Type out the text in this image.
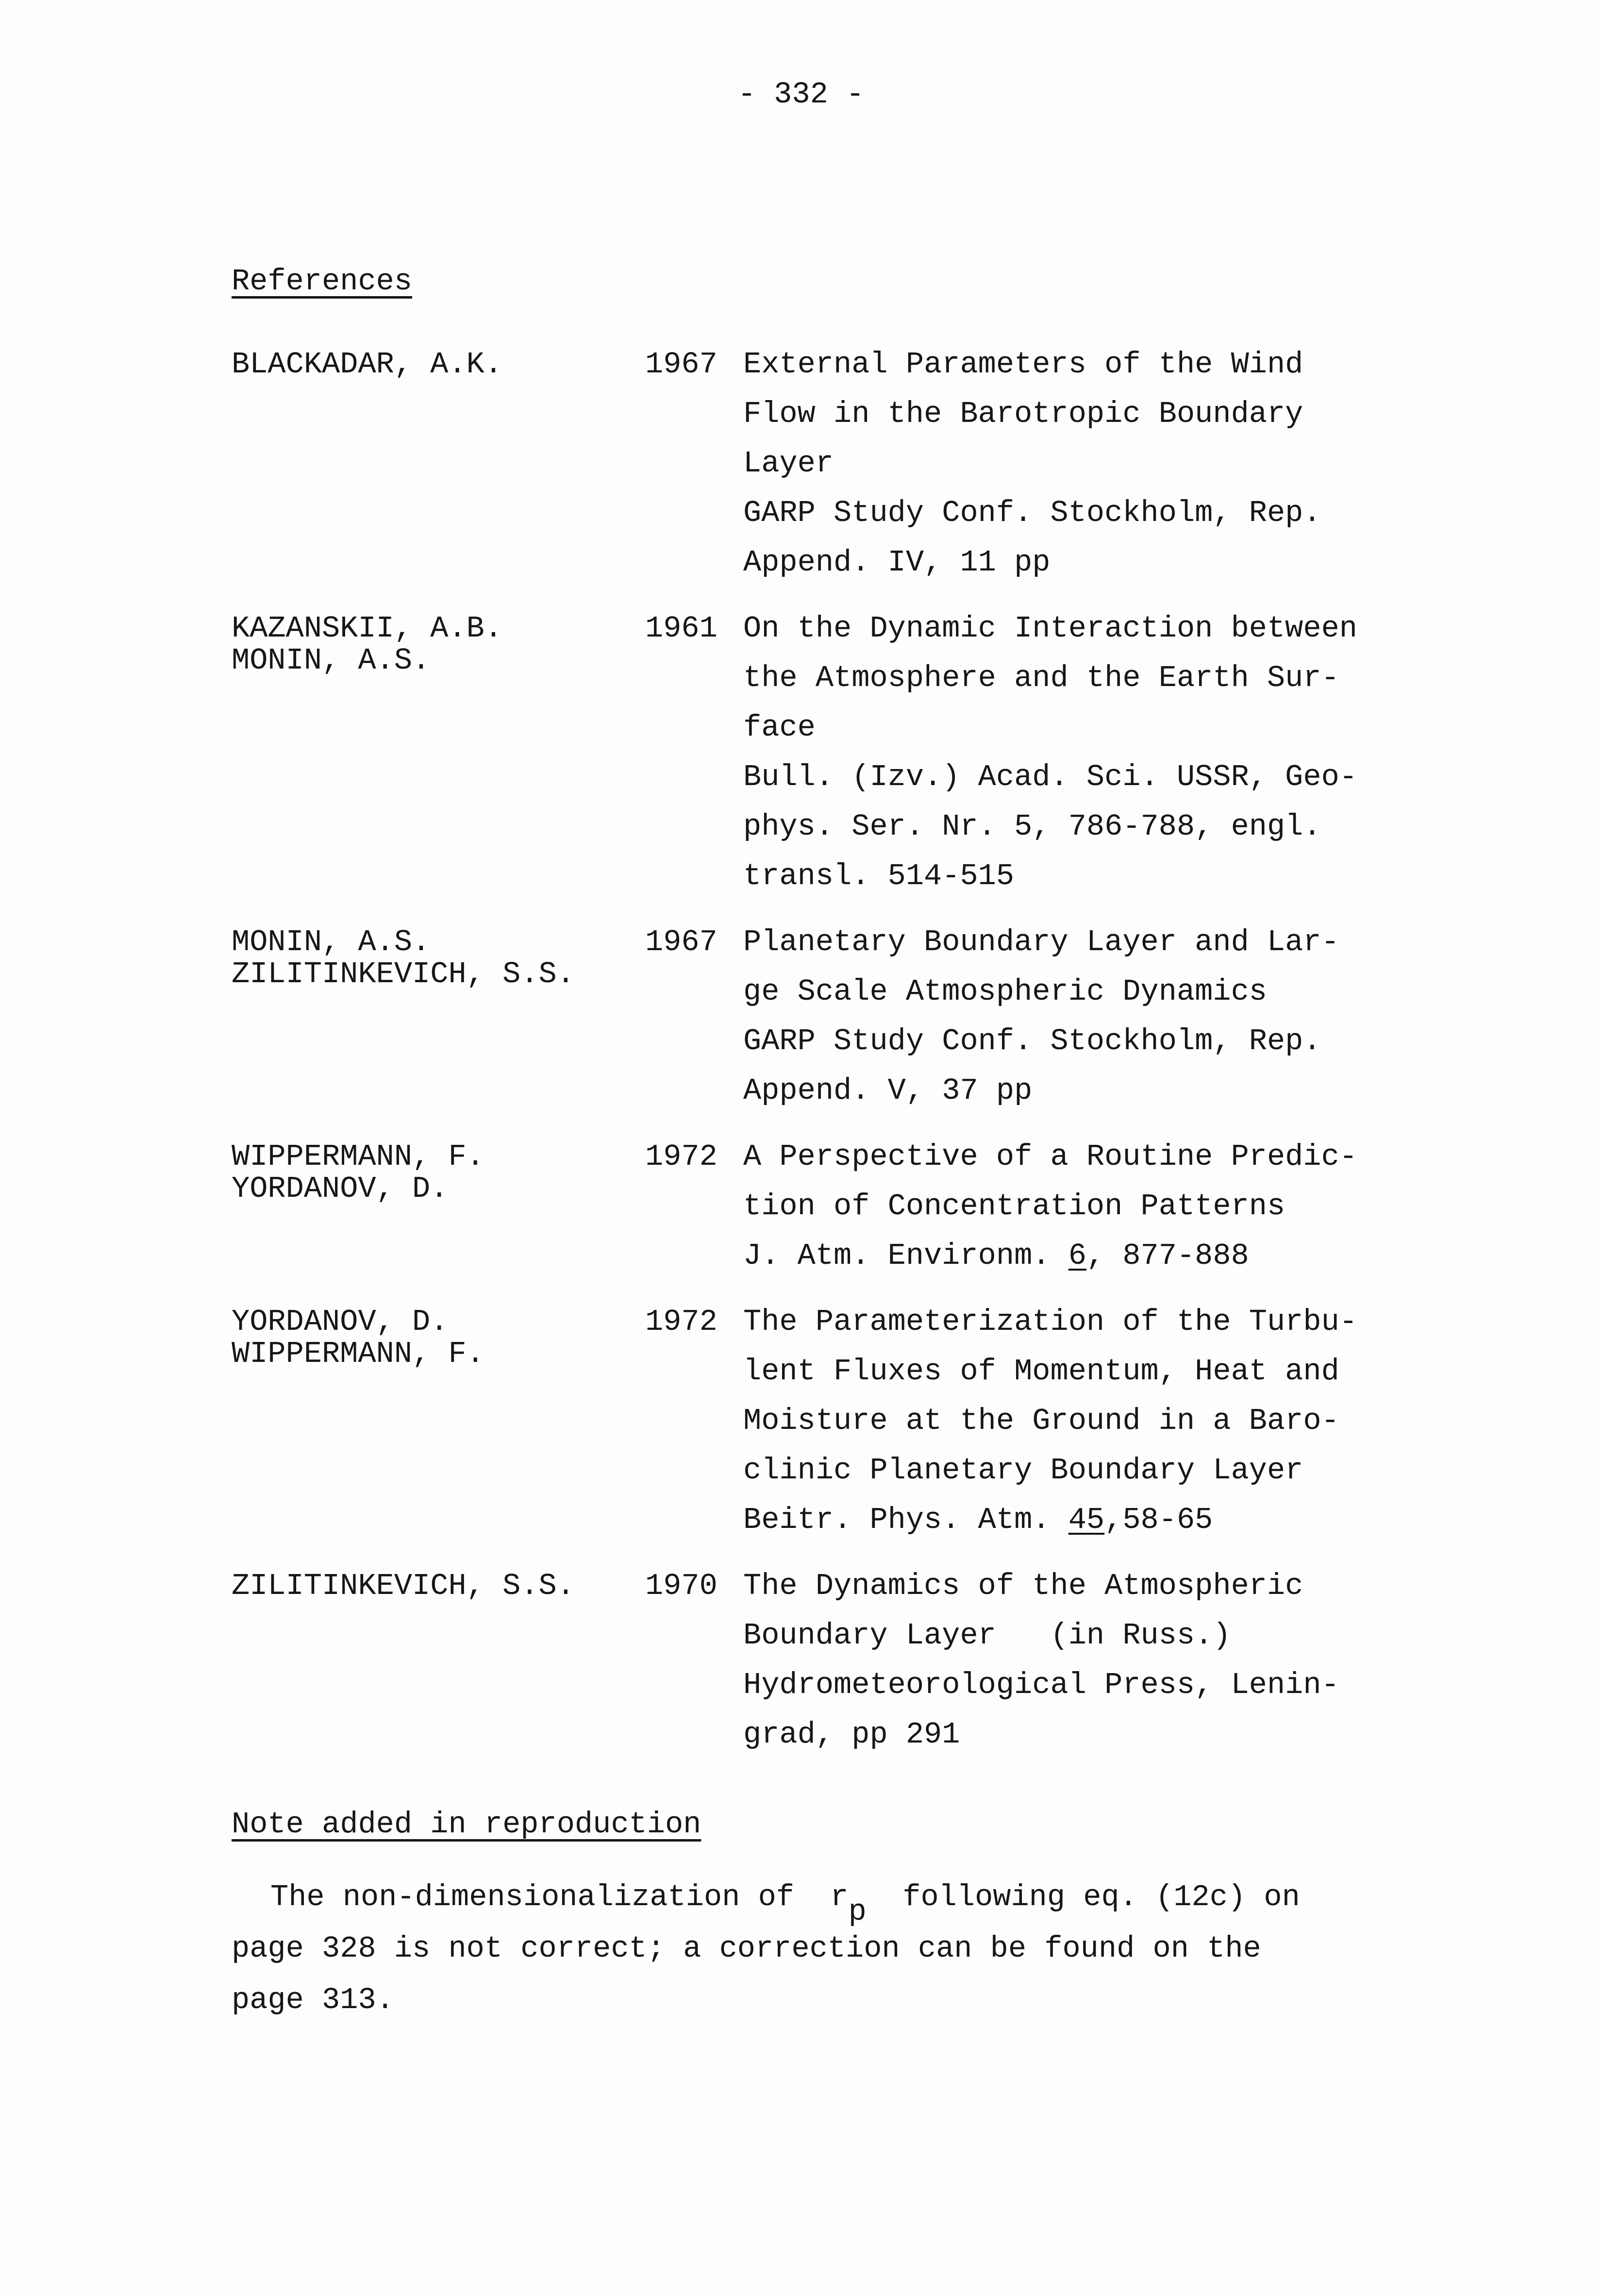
- 332 -
References
BLACKADAR, A.K.	1967 External Parameters of the Wind
Flow in the Barotropic Boundary
Layer
GARP Study Conf. Stockholm, Rep.
Append. IV, 11 pp
KAZANSKII, A.B.
MONIN, A.S.
1961 On the Dynamic Interaction between
the Atmosphere and the Earth Sur-
face
Bull. (Izv.) Acad. Sci. USSR, Geo-
phys. Ser. Nr. 5, 786-788, engl.
transl. 514-515
MONIN, A.S.
ZILITINKEVICH, S.S.
1967 Planetary Boundary Layer and Lar-
ge Scale Atmospheric Dynamics
GARP Study Conf. Stockholm, Rep.
Append. V, 37 pp
WIPPERMANN, F.
YORDANOV, D.
1972 A Perspective of a Routine Predic-
tion of Concentration Patterns
J. Atm. Environm. 6, 877-888
YORDANOV, D.
WIPPERMANN, F.
1972 The Parameterization of the Turbu-
lent Fluxes of Momentum, Heat and
Moisture at the Ground in a Baro-
clinic Planetary Boundary Layer
Beitr. Phys. Atm. 45,58-65
ZILITINKEVICH, S.S.	1970 The Dynamics of the Atmospheric
Boundary Layer   (in Russ.)
Hydrometeorological Press, Lenin-
grad, pp 291
Note added in reproduction
The non-dimensionalization of  $r_p$  following eq. (12c) on
page 328 is not correct; a correction can be found on the
page 313.
